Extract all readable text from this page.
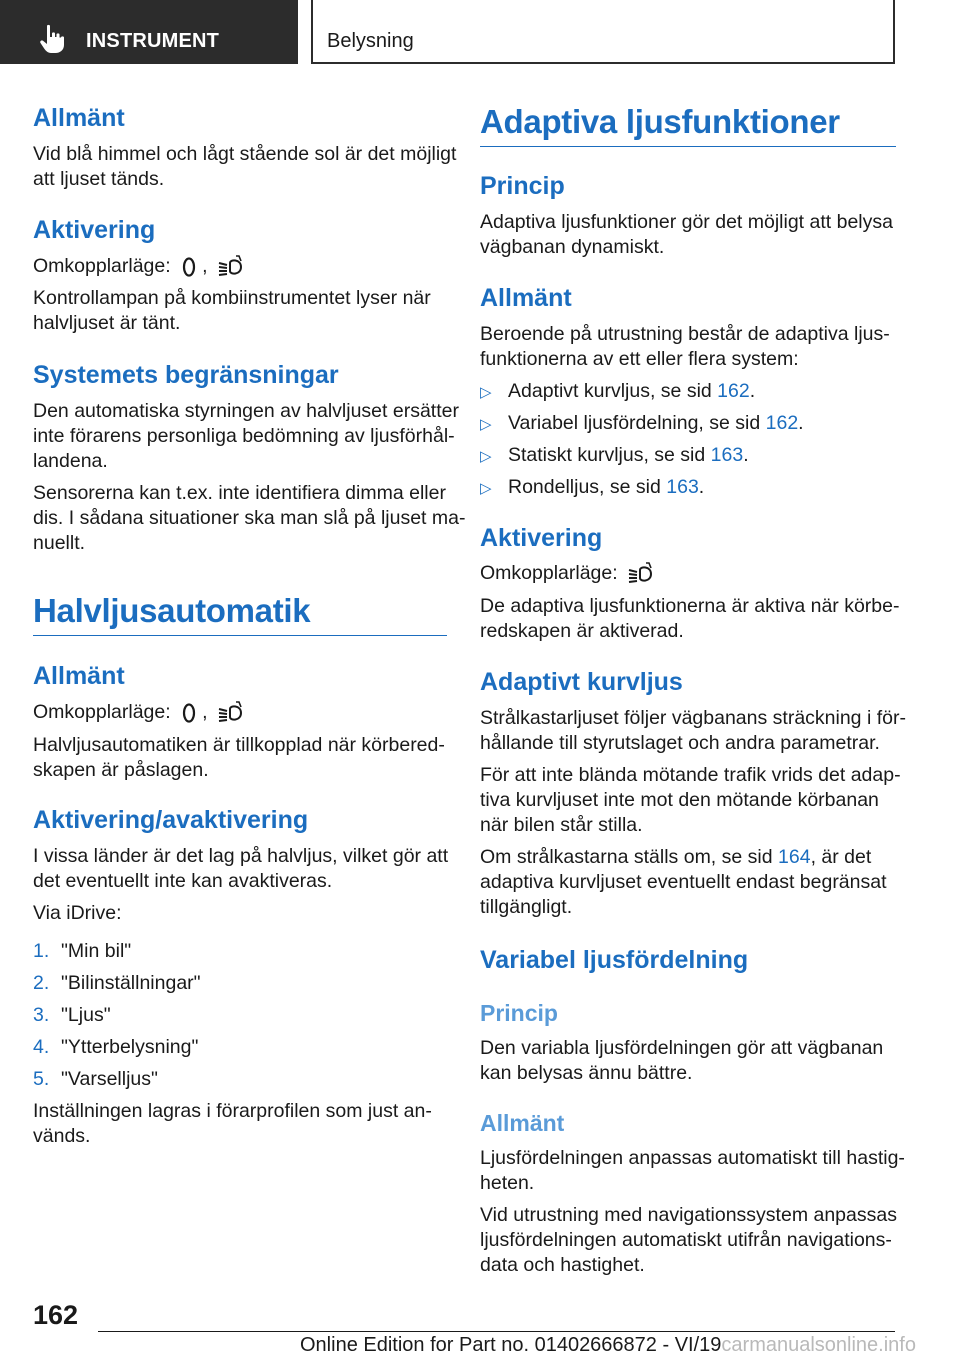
INSTRUMENT	Belysning
Allmänt
Vid blå himmel och lågt stående sol är det möjligt
att ljuset tänds.
Aktivering
Omkopplarläge: ,
Kontrollampan på kombiinstrumentet lyser när
halvljuset är tänt.
Systemets begränsningar
Den automatiska styrningen av halvljuset ersätter
inte förarens personliga bedömning av ljusförhål-
landena.
Sensorerna kan t.ex. inte identifiera dimma eller
dis. I sådana situationer ska man slå på ljuset ma-
nuellt.
Halvljusautomatik
Allmänt
Omkopplarläge: ,
Halvljusautomatiken är tillkopplad när körbered-
skapen är påslagen.
Aktivering/avaktivering
I vissa länder är det lag på halvljus, vilket gör att
det eventuellt inte kan avaktiveras.
Via iDrive:
1. "Min bil"
2. "Bilinställningar"
3. "Ljus"
4. "Ytterbelysning"
5. "Varselljus"
Inställningen lagras i förarprofilen som just an-
vänds.
Adaptiva ljusfunktioner
Princip
Adaptiva ljusfunktioner gör det möjligt att belysa
vägbanan dynamiskt.
Allmänt
Beroende på utrustning består de adaptiva ljus-
funktionerna av ett eller flera system:
▷ Adaptivt kurvljus, se sid 162.
▷ Variabel ljusfördelning, se sid 162.
▷ Statiskt kurvljus, se sid 163.
▷ Rondelljus, se sid 163.
Aktivering
Omkopplarläge:
De adaptiva ljusfunktionerna är aktiva när körbe-
redskapen är aktiverad.
Adaptivt kurvljus
Strålkastarljuset följer vägbanans sträckning i för-
hållande till styrutslaget och andra parametrar.
För att inte blända mötande trafik vrids det adap-
tiva kurvljuset inte mot den mötande körbanan
när bilen står stilla.
Om strålkastarna ställs om, se sid 164, är det
adaptiva kurvljuset eventuellt endast begränsat
tillgängligt.
Variabel ljusfördelning
Princip
Den variabla ljusfördelningen gör att vägbanan
kan belysas ännu bättre.
Allmänt
Ljusfördelningen anpassas automatiskt till hastig-
heten.
Vid utrustning med navigationssystem anpassas
ljusfördelningen automatiskt utifrån navigations-
data och hastighet.
162
Online Edition for Part no. 01402666872 - VI/19carmanualsonline.info
